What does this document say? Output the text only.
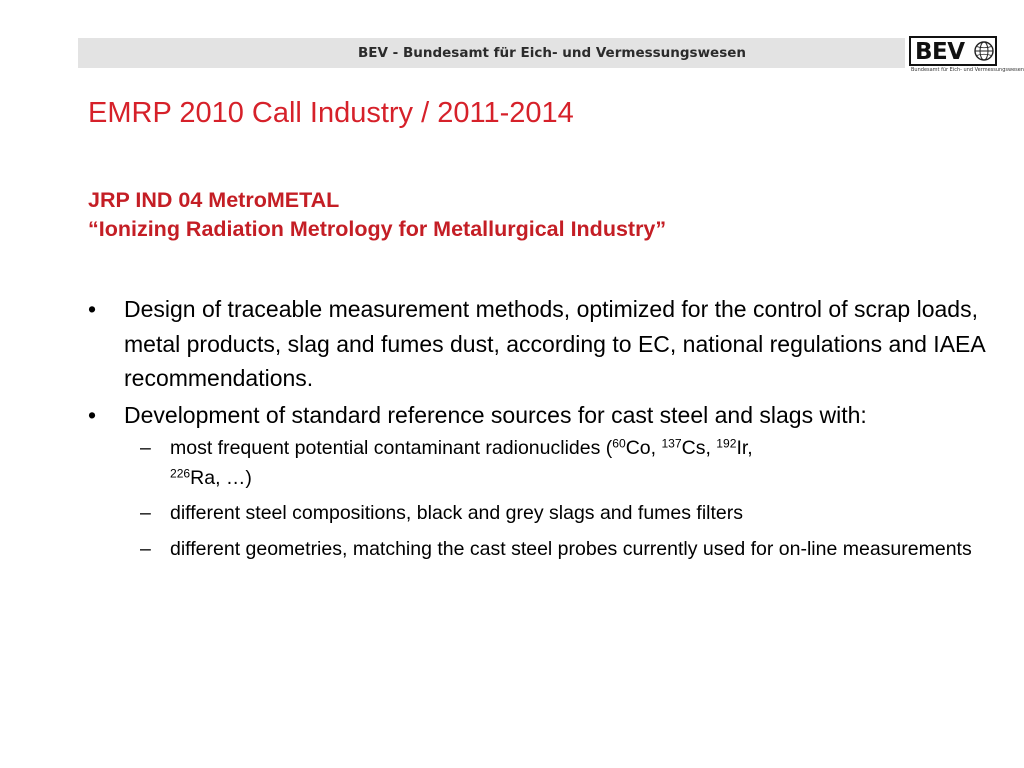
BEV - Bundesamt für Eich- und Vermessungswesen	BEV
Bundesamt für Eich- und Vermessungswesen
EMRP 2010 Call Industry / 2011-2014
JRP IND 04 MetroMETAL
“Ionizing Radiation Metrology for Metallurgical Industry”
• Design of traceable measurement methods, optimized for the control of scrap loads, metal products, slag and fumes dust, according to EC, national regulations and IAEA recommendations.
• Development of standard reference sources for cast steel and slags with:
– most frequent potential contaminant radionuclides ($^{60}$Co, $^{137}$Cs, $^{192}$Ir,
$^{226}$Ra, …)
– different steel compositions, black and grey slags and fumes filters
– different geometries, matching the cast steel probes currently used for on-line measurements
